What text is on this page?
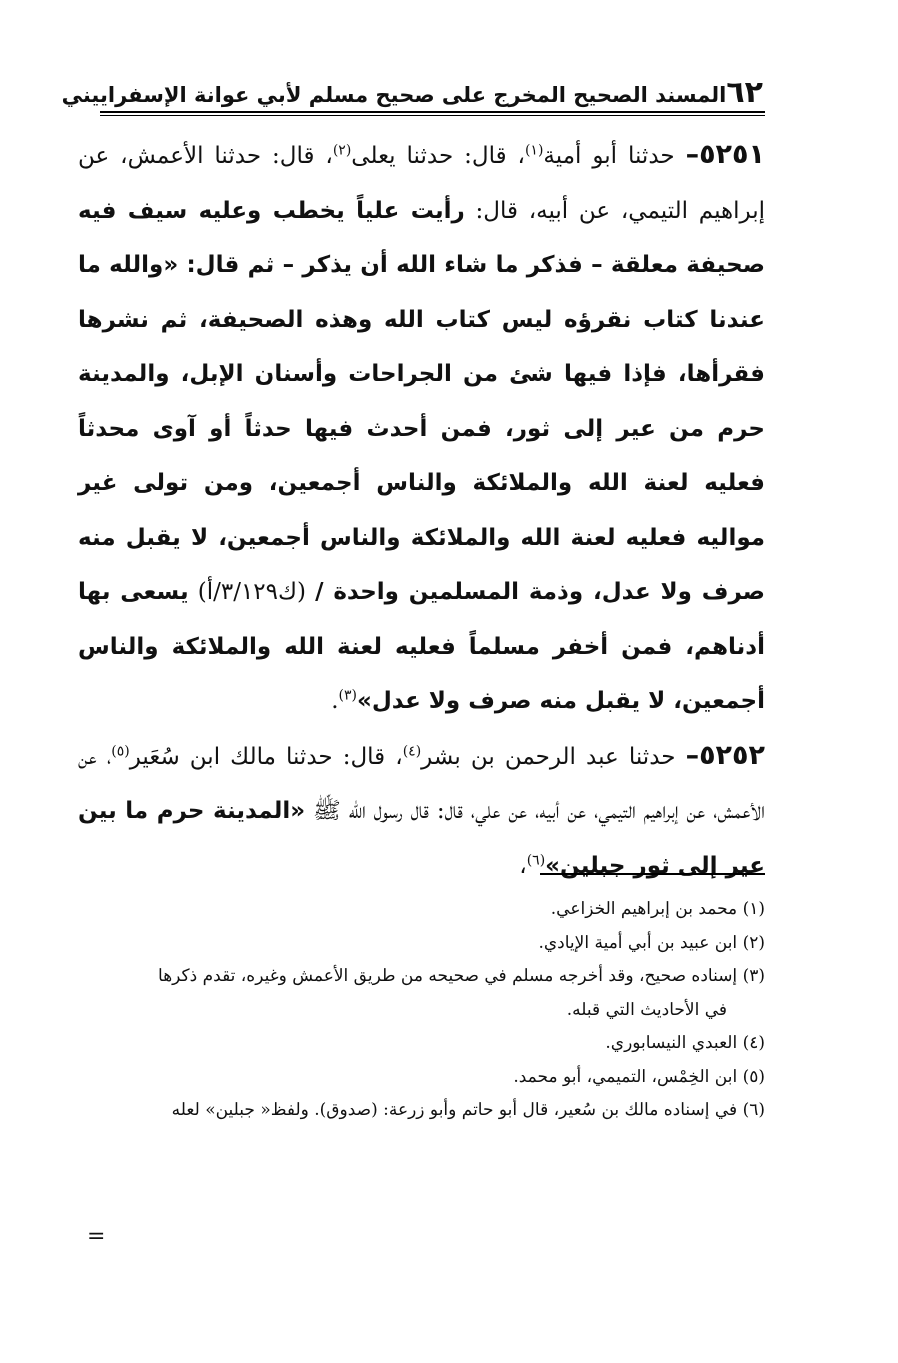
٦٢
المسند الصحيح المخرج على صحيح مسلم لأبي عوانة الإسفراييني

٥٢٥١– حدثنا أبو أمية$^{(١)}$، قال: حدثنا يعلى$^{(٢)}$، قال: حدثنا الأعمش، عن إبراهيم التيمي، عن أبيه، قال: رأيت علياً يخطب وعليه سيف فيه صحيفة معلقة – فذكر ما شاء الله أن يذكر – ثم قال: «والله ما عندنا كتاب نقرؤه ليس كتاب الله وهذه الصحيفة، ثم نشرها فقرأها، فإذا فيها شئ من الجراحات وأسنان الإبل، والمدينة حرم من عير إلى ثور، فمن أحدث فيها حدثاً أو آوى محدثاً فعليه لعنة الله والملائكة والناس أجمعين، ومن تولى غير مواليه فعليه لعنة الله والملائكة والناس أجمعين، لا يقبل منه صرف ولا عدل، وذمة المسلمين واحدة / (ك٣/١٢٩/أ) يسعى بها أدناهم، فمن أخفر مسلماً فعليه لعنة الله والملائكة والناس أجمعين، لا يقبل منه صرف ولا عدل»$^{(٣)}$.

٥٢٥٢– حدثنا عبد الرحمن بن بشر$^{(٤)}$، قال: حدثنا مالك ابن سُعَير$^{(٥)}$، عن الأعمش، عن إبراهيم التيمي، عن أبيه، عن علي، قال: قال رسول الله ﷺ «المدينة حرم ما بين عير إلى ثور جبلين»$^{(٦)}$،

(١) محمد بن إبراهيم الخزاعي.

(٢) ابن عبيد بن أبي أمية الإيادي.

(٣) إسناده صحيح، وقد أخرجه مسلم في صحيحه من طريق الأعمش وغيره، تقدم ذكرها

في الأحاديث التي قبله.

(٤) العبدي النيسابوري.

(٥) ابن الخِمْس، التميمي، أبو محمد.

(٦) في إسناده مالك بن سُعير، قال أبو حاتم وأبو زرعة: (صدوق). ولفظ« جبلين» لعله

=
